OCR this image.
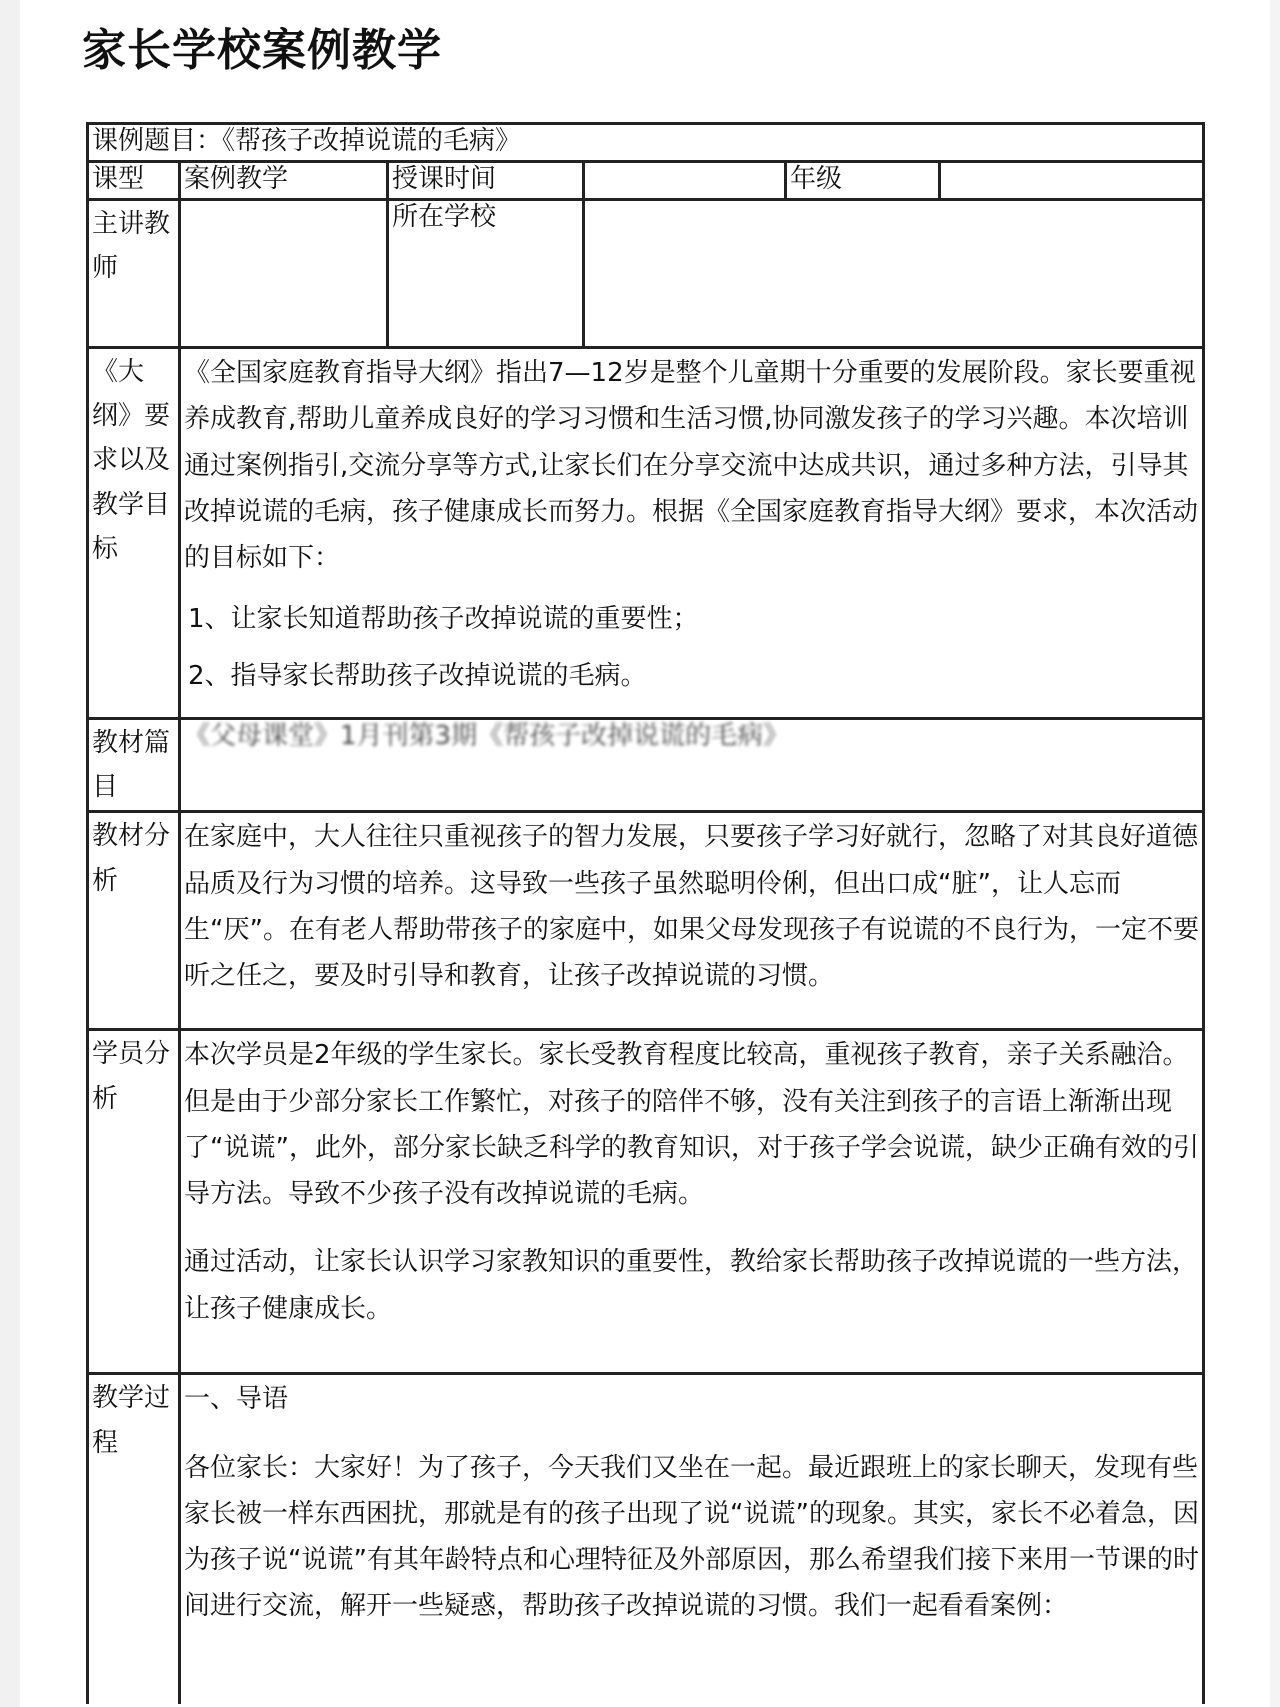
家长学校案例教学
课例题目：《帮孩子改掉说谎的毛病》					
课型	案例教学	授课时间		年级	
主讲教师		所在学校			
《大纲》要求以及教学目标	《全国家庭教育指导大纲》指出7—12岁是整个儿童期十分重要的发展阶段。家长要重视养成教育,帮助儿童养成良好的学习习惯和生活习惯,协同激发孩子的学习兴趣。本次培训通过案例指引,交流分享等方式,让家长们在分享交流中达成共识，通过多种方法，引导其改掉说谎的毛病，孩子健康成长而努力。根据《全国家庭教育指导大纲》要求，本次活动的目标如下：

1、让家长知道帮助孩子改掉说谎的重要性；

2、指导家长帮助孩子改掉说谎的毛病。				

教材篇目	《父母课堂》1月刊第3期《帮孩子改掉说谎的毛病》				
教材分析	在家庭中，大人往往只重视孩子的智力发展，只要孩子学习好就行，忽略了对其良好道德品质及行为习惯的培养。这导致一些孩子虽然聪明伶俐，但出口成“脏”，让人忘而生“厌”。在有老人帮助带孩子的家庭中，如果父母发现孩子有说谎的不良行为，一定不要听之任之，要及时引导和教育，让孩子改掉说谎的习惯。				

学员分析	本次学员是2年级的学生家长。家长受教育程度比较高，重视孩子教育，亲子关系融洽。但是由于少部分家长工作繁忙，对孩子的陪伴不够，没有关注到孩子的言语上渐渐出现了“说谎”，此外，部分家长缺乏科学的教育知识，对于孩子学会说谎，缺少正确有效的引导方法。导致不少孩子没有改掉说谎的毛病。

通过活动，让家长认识学习家教知识的重要性，教给家长帮助孩子改掉说谎的一些方法，让孩子健康成长。				

教学过程	一、导语

各位家长：大家好！为了孩子，今天我们又坐在一起。最近跟班上的家长聊天，发现有些家长被一样东西困扰，那就是有的孩子出现了说“说谎”的现象。其实，家长不必着急，因为孩子说“说谎”有其年龄特点和心理特征及外部原因，那么希望我们接下来用一节课的时间进行交流，解开一些疑惑，帮助孩子改掉说谎的习惯。我们一起看看案例：				
